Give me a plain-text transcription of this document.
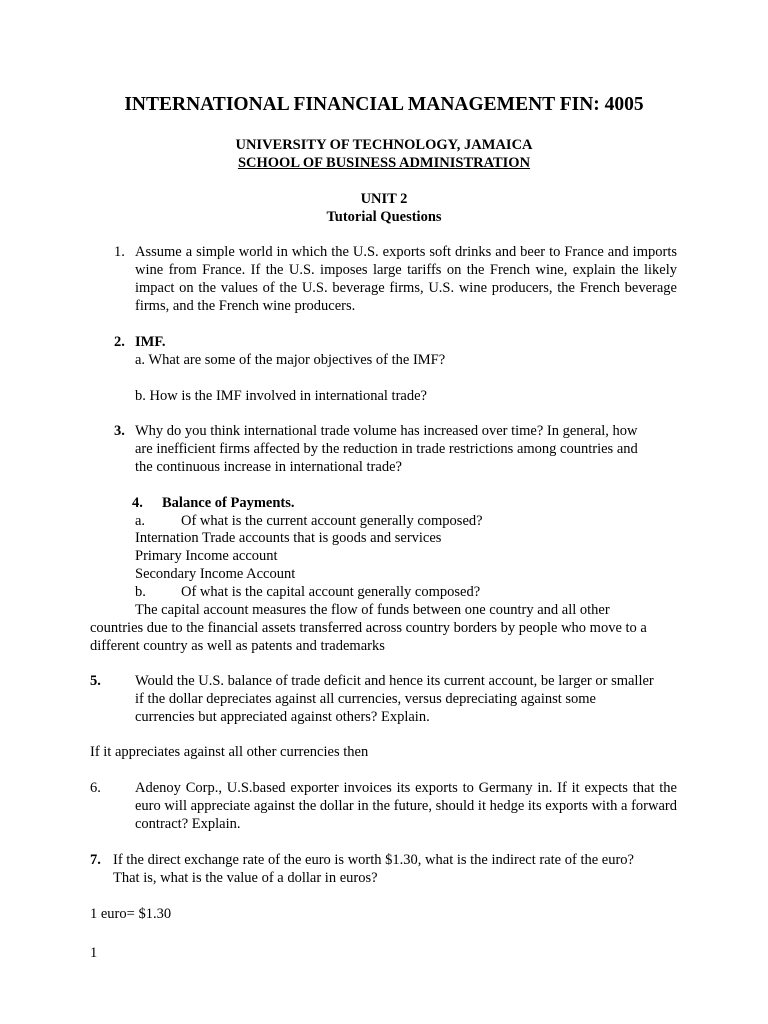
INTERNATIONAL FINANCIAL MANAGEMENT FIN: 4005
UNIVERSITY OF TECHNOLOGY, JAMAICA
SCHOOL OF BUSINESS ADMINISTRATION
UNIT 2
Tutorial Questions
1. Assume a simple world in which the U.S. exports soft drinks and beer to France and imports wine from France. If the U.S. imposes large tariffs on the French wine, explain the likely impact on the values of the U.S. beverage firms, U.S. wine producers, the French beverage firms, and the French wine producers.
2. IMF.
a. What are some of the major objectives of the IMF?
b. How is the IMF involved in international trade?
3. Why do you think international trade volume has increased over time? In general, how
are inefficient firms affected by the reduction in trade restrictions among countries and
the continuous increase in international trade?
4. Balance of Payments.
a. Of what is the current account generally composed?
Internation Trade accounts that is goods and services
Primary Income account
Secondary Income Account
b. Of what is the capital account generally composed?
The capital account measures the flow of funds between one country and all other
countries due to the financial assets transferred across country borders by people who move to a
different country as well as patents and trademarks
5. Would the U.S. balance of trade deficit and hence its current account, be larger or smaller
if the dollar depreciates against all currencies, versus depreciating against some
currencies but appreciated against others? Explain.
If it appreciates against all other currencies then
6. Adenoy Corp., U.S.based exporter invoices its exports to Germany in. If it expects that the euro will appreciate against the dollar in the future, should it hedge its exports with a forward contract? Explain.
7. If the direct exchange rate of the euro is worth $1.30, what is the indirect rate of the euro?
That is, what is the value of a dollar in euros?
1 euro= $1.30
1
